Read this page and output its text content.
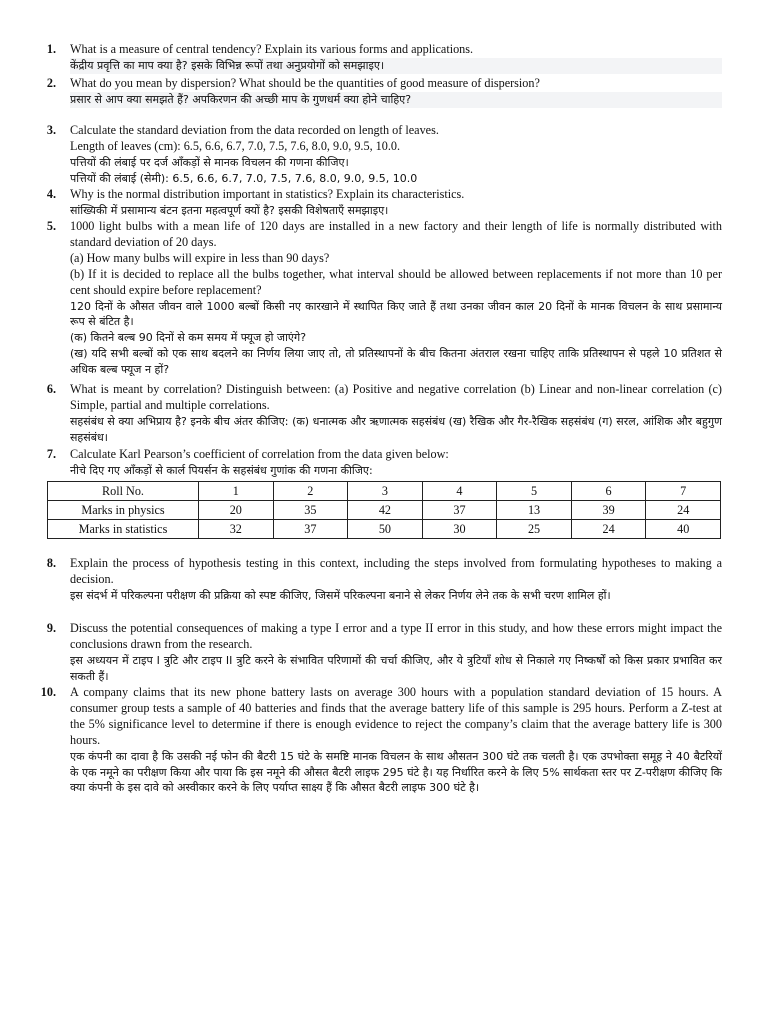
1. What is a measure of central tendency? Explain its various forms and applications.

केंद्रीय प्रवृत्ति का माप क्या है? इसके विभिन्न रूपों तथा अनुप्रयोगों को समझाइए।

2. What do you mean by dispersion? What should be the quantities of good measure of dispersion?

प्रसार से आप क्या समझते हैं? अपकिरणन की अच्छी माप के गुणधर्म क्या होने चाहिए?

3. Calculate the standard deviation from the data recorded on length of leaves.

Length of leaves (cm): 6.5, 6.6, 6.7, 7.0, 7.5, 7.6, 8.0, 9.0, 9.5, 10.0.

पत्तियों की लंबाई पर दर्ज आँकड़ों से मानक विचलन की गणना कीजिए।

पत्तियों की लंबाई (सेमी): 6.5, 6.6, 6.7, 7.0, 7.5, 7.6, 8.0, 9.0, 9.5, 10.0

4. Why is the normal distribution important in statistics? Explain its characteristics.

सांख्यिकी में प्रसामान्य बंटन इतना महत्वपूर्ण क्यों है? इसकी विशेषताएँ समझाइए।

5. 1000 light bulbs with a mean life of 120 days are installed in a new factory and their length of life is normally distributed with standard deviation of 20 days.

(a) How many bulbs will expire in less than 90 days?

(b) If it is decided to replace all the bulbs together, what interval should be allowed between replacements if not more than 10 per cent should expire before replacement?

120 दिनों के औसत जीवन वाले 1000 बल्बों किसी नए कारखाने में स्थापित किए जाते हैं तथा उनका जीवन काल 20 दिनों के मानक विचलन के साथ प्रसामान्य रूप से बंटित है।

(क) कितने बल्ब 90 दिनों से कम समय में फ्यूज हो जाएंगे?

(ख) यदि सभी बल्बों को एक साथ बदलने का निर्णय लिया जाए तो, तो प्रतिस्थापनों के बीच कितना अंतराल रखना चाहिए ताकि प्रतिस्थापन से पहले 10 प्रतिशत से अधिक बल्ब फ्यूज न हों?

6. What is meant by correlation? Distinguish between: (a) Positive and negative correlation (b) Linear and non-linear correlation (c) Simple, partial and multiple correlations.

सहसंबंध से क्या अभिप्राय है? इनके बीच अंतर कीजिए: (क) धनात्मक और ऋणात्मक सहसंबंध (ख) रैखिक और गैर-रैखिक सहसंबंध (ग) सरल, आंशिक और बहुगुण सहसंबंध।

7. Calculate Karl Pearson’s coefficient of correlation from the data given below:

नीचे दिए गए आँकड़ों से कार्ल पियर्सन के सहसंबंध गुणांक की गणना कीजिए:

Roll No.	1	2	3	4	5	6	7
Marks in physics	20	35	42	37	13	39	24
Marks in statistics	32	37	50	30	25	24	40
8. Explain the process of hypothesis testing in this context, including the steps involved from formulating hypotheses to making a decision.

इस संदर्भ में परिकल्पना परीक्षण की प्रक्रिया को स्पष्ट कीजिए, जिसमें परिकल्पना बनाने से लेकर निर्णय लेने तक के सभी चरण शामिल हों।

9. Discuss the potential consequences of making a type I error and a type II error in this study, and how these errors might impact the conclusions drawn from the research.

इस अध्ययन में टाइप I त्रुटि और टाइप II त्रुटि करने के संभावित परिणामों की चर्चा कीजिए, और ये त्रुटियाँ शोध से निकाले गए निष्कर्षों को किस प्रकार प्रभावित कर सकती हैं।

10. A company claims that its new phone battery lasts on average 300 hours with a population standard deviation of 15 hours. A consumer group tests a sample of 40 batteries and finds that the average battery life of this sample is 295 hours. Perform a Z-test at the 5% significance level to determine if there is enough evidence to reject the company’s claim that the average battery life is 300 hours.

एक कंपनी का दावा है कि उसकी नई फोन की बैटरी 15 घंटे के समष्टि मानक विचलन के साथ औसतन 300 घंटे तक चलती है। एक उपभोक्ता समूह ने 40 बैटरियों के एक नमूने का परीक्षण किया और पाया कि इस नमूने की औसत बैटरी लाइफ 295 घंटे है। यह निर्धारित करने के लिए 5% सार्थकता स्तर पर Z-परीक्षण कीजिए कि क्या कंपनी के इस दावे को अस्वीकार करने के लिए पर्याप्त साक्ष्य हैं कि औसत बैटरी लाइफ 300 घंटे है।
